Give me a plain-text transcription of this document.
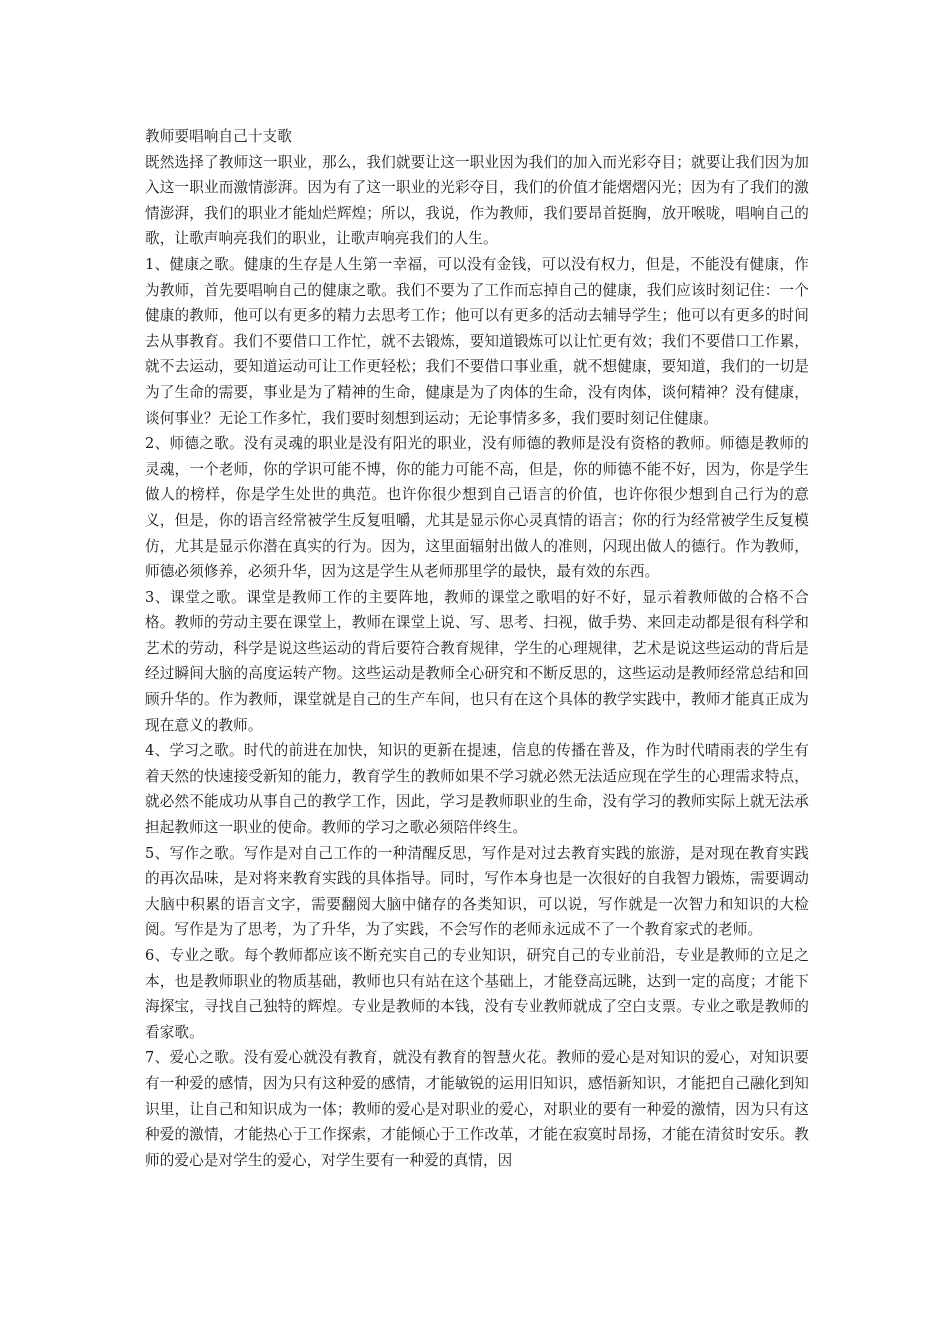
教师要唱响自己十支歌

既然选择了教师这一职业，那么，我们就要让这一职业因为我们的加入而光彩夺目；就要让我们因为加入这一职业而激情澎湃。因为有了这一职业的光彩夺目，我们的价值才能熠熠闪光；因为有了我们的激情澎湃，我们的职业才能灿烂辉煌；所以，我说，作为教师，我们要昂首挺胸，放开喉咙，唱响自己的歌，让歌声响亮我们的职业，让歌声响亮我们的人生。

1、健康之歌。健康的生存是人生第一幸福，可以没有金钱，可以没有权力，但是，不能没有健康，作为教师，首先要唱响自己的健康之歌。我们不要为了工作而忘掉自己的健康，我们应该时刻记住：一个健康的教师，他可以有更多的精力去思考工作；他可以有更多的活动去辅导学生；他可以有更多的时间去从事教育。我们不要借口工作忙，就不去锻炼，要知道锻炼可以让忙更有效；我们不要借口工作累，就不去运动，要知道运动可让工作更轻松；我们不要借口事业重，就不想健康，要知道，我们的一切是为了生命的需要，事业是为了精神的生命，健康是为了肉体的生命，没有肉体，谈何精神？没有健康，谈何事业？无论工作多忙，我们要时刻想到运动；无论事情多多，我们要时刻记住健康。

2、师德之歌。没有灵魂的职业是没有阳光的职业，没有师德的教师是没有资格的教师。师德是教师的灵魂，一个老师，你的学识可能不博，你的能力可能不高，但是，你的师德不能不好，因为，你是学生做人的榜样，你是学生处世的典范。也许你很少想到自己语言的价值，也许你很少想到自己行为的意义，但是，你的语言经常被学生反复咀嚼，尤其是显示你心灵真情的语言；你的行为经常被学生反复模仿，尤其是显示你潜在真实的行为。因为，这里面辐射出做人的准则，闪现出做人的德行。作为教师，师德必须修养，必须升华，因为这是学生从老师那里学的最快，最有效的东西。

3、课堂之歌。课堂是教师工作的主要阵地，教师的课堂之歌唱的好不好，显示着教师做的合格不合格。教师的劳动主要在课堂上，教师在课堂上说、写、思考、扫视，做手势、来回走动都是很有科学和艺术的劳动，科学是说这些运动的背后要符合教育规律，学生的心理规律，艺术是说这些运动的背后是经过瞬间大脑的高度运转产物。这些运动是教师全心研究和不断反思的，这些运动是教师经常总结和回顾升华的。作为教师，课堂就是自己的生产车间，也只有在这个具体的教学实践中，教师才能真正成为现在意义的教师。

4、学习之歌。时代的前进在加快，知识的更新在提速，信息的传播在普及，作为时代晴雨表的学生有着天然的快速接受新知的能力，教育学生的教师如果不学习就必然无法适应现在学生的心理需求特点，就必然不能成功从事自己的教学工作，因此，学习是教师职业的生命，没有学习的教师实际上就无法承担起教师这一职业的使命。教师的学习之歌必须陪伴终生。

5、写作之歌。写作是对自己工作的一种清醒反思，写作是对过去教育实践的旅游，是对现在教育实践的再次品味，是对将来教育实践的具体指导。同时，写作本身也是一次很好的自我智力锻炼，需要调动大脑中积累的语言文字，需要翻阅大脑中储存的各类知识，可以说，写作就是一次智力和知识的大检阅。写作是为了思考，为了升华，为了实践，不会写作的老师永远成不了一个教育家式的老师。

6、专业之歌。每个教师都应该不断充实自己的专业知识，研究自己的专业前沿，专业是教师的立足之本，也是教师职业的物质基础，教师也只有站在这个基础上，才能登高远眺，达到一定的高度；才能下海探宝，寻找自己独特的辉煌。专业是教师的本钱，没有专业教师就成了空白支票。专业之歌是教师的看家歌。

7、爱心之歌。没有爱心就没有教育，就没有教育的智慧火花。教师的爱心是对知识的爱心，对知识要有一种爱的感情，因为只有这种爱的感情，才能敏锐的运用旧知识，感悟新知识，才能把自己融化到知识里，让自己和知识成为一体；教师的爱心是对职业的爱心，对职业的要有一种爱的激情，因为只有这种爱的激情，才能热心于工作探索，才能倾心于工作改革，才能在寂寞时昂扬，才能在清贫时安乐。教师的爱心是对学生的爱心，对学生要有一种爱的真情，因
